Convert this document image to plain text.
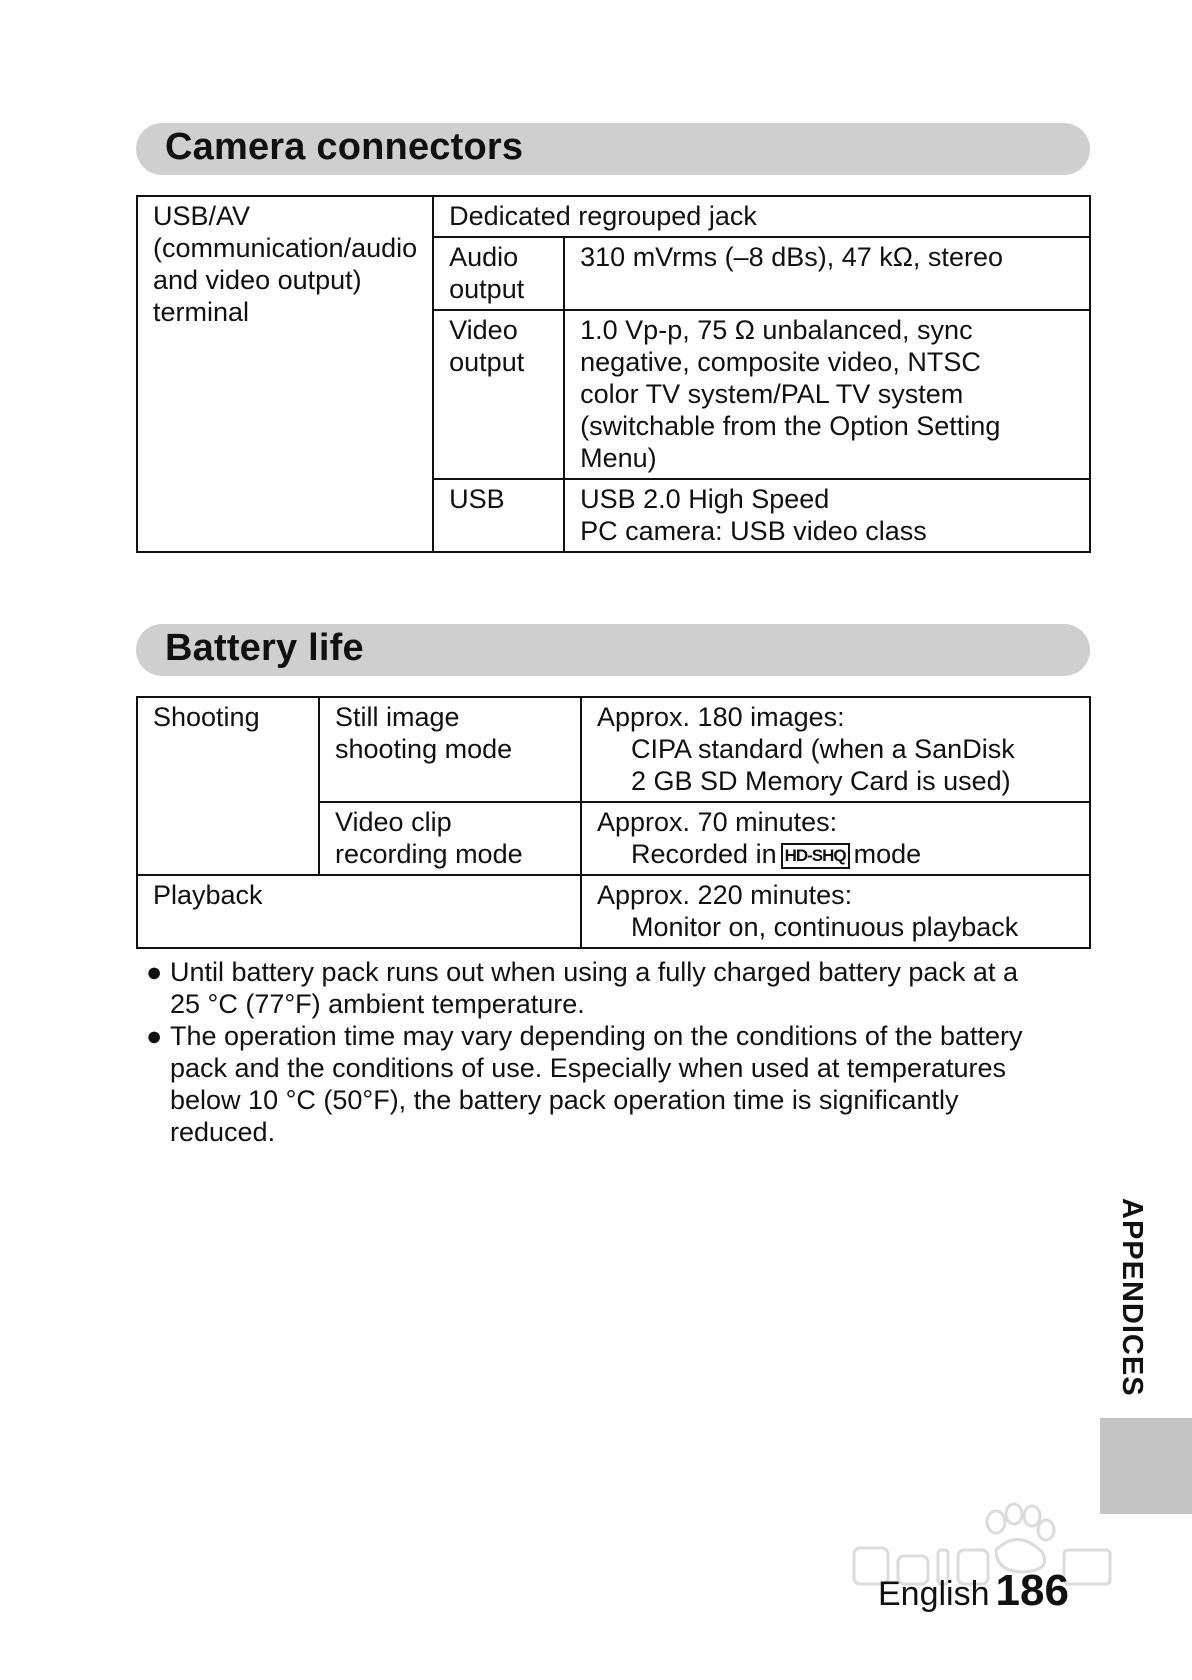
Camera connectors
USB/AV
(communication/audio
and video output)
terminal	Dedicated regrouped jack	

	Audio
output	310 mVrms (–8 dBs), 47 kΩ, stereo

	Video
output	1.0 Vp-p, 75 Ω unbalanced, sync
negative, composite video, NTSC
color TV system/PAL TV system
(switchable from the Option Setting
Menu)

	USB	USB 2.0 High Speed
PC camera: USB video class
Battery life
Shooting	Still image
shooting mode	Approx. 180 images:
CIPA standard (when a SanDisk
2 GB SD Memory Card is used)

	Video clip
recording mode	Approx. 70 minutes:
Recorded in HD-SHQ mode

Playback		Approx. 220 minutes:
Monitor on, continuous playback
● Until battery pack runs out when using a fully charged battery pack at a
25 °C (77°F) ambient temperature.
● The operation time may vary depending on the conditions of the battery
pack and the conditions of use. Especially when used at temperatures
below 10 °C (50°F), the battery pack operation time is significantly
reduced.
APPENDICES
English 186
